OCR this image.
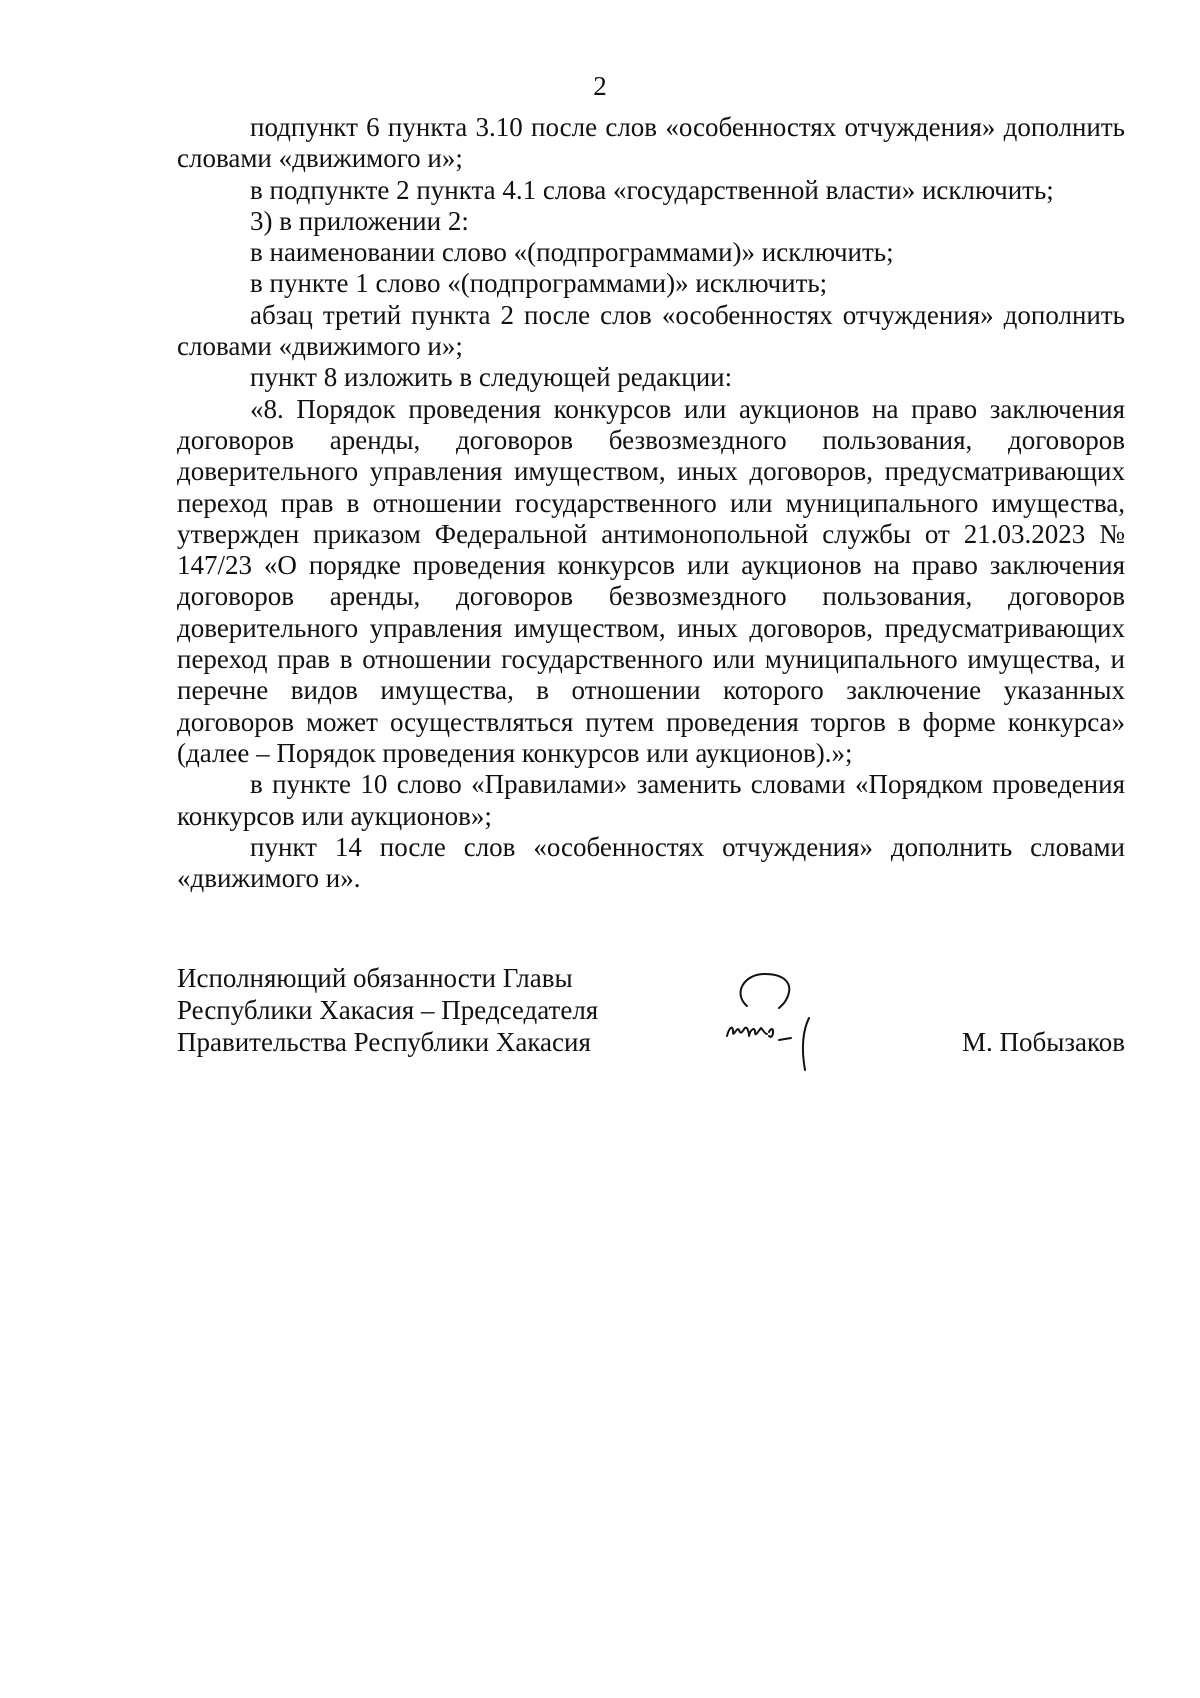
2

подпункт 6 пункта 3.10 после слов «особенностях отчуждения» дополнить словами «движимого и»;

в подпункте 2 пункта 4.1 слова «государственной власти» исключить;

3) в приложении 2:

в наименовании слово «(подпрограммами)» исключить;

в пункте 1 слово «(подпрограммами)» исключить;

абзац третий пункта 2 после слов «особенностях отчуждения» дополнить словами «движимого и»;

пункт 8 изложить в следующей редакции:

«8. Порядок проведения конкурсов или аукционов на право заключения договоров аренды, договоров безвозмездного пользования, договоров доверительного управления имуществом, иных договоров, предусматривающих переход прав в отношении государственного или муниципального имущества, утвержден приказом Федеральной антимонопольной службы от 21.03.2023 № 147/23 «О порядке проведения конкурсов или аукционов на право заключения договоров аренды, договоров безвозмездного пользования, договоров доверительного управления имуществом, иных договоров, предусматривающих переход прав в отношении государственного или муниципального имущества, и перечне видов имущества, в отношении которого заключение указанных договоров может осуществляться путем проведения торгов в форме конкурса» (далее – Порядок проведения конкурсов или аукционов).»;

в пункте 10 слово «Правилами» заменить словами «Порядком проведения конкурсов или аукционов»;

пункт 14 после слов «особенностях отчуждения» дополнить словами «движимого и».

Исполняющий обязанности Главы
Республики Хакасия – Председателя
Правительства Республики Хакасия	М. Побызаков
